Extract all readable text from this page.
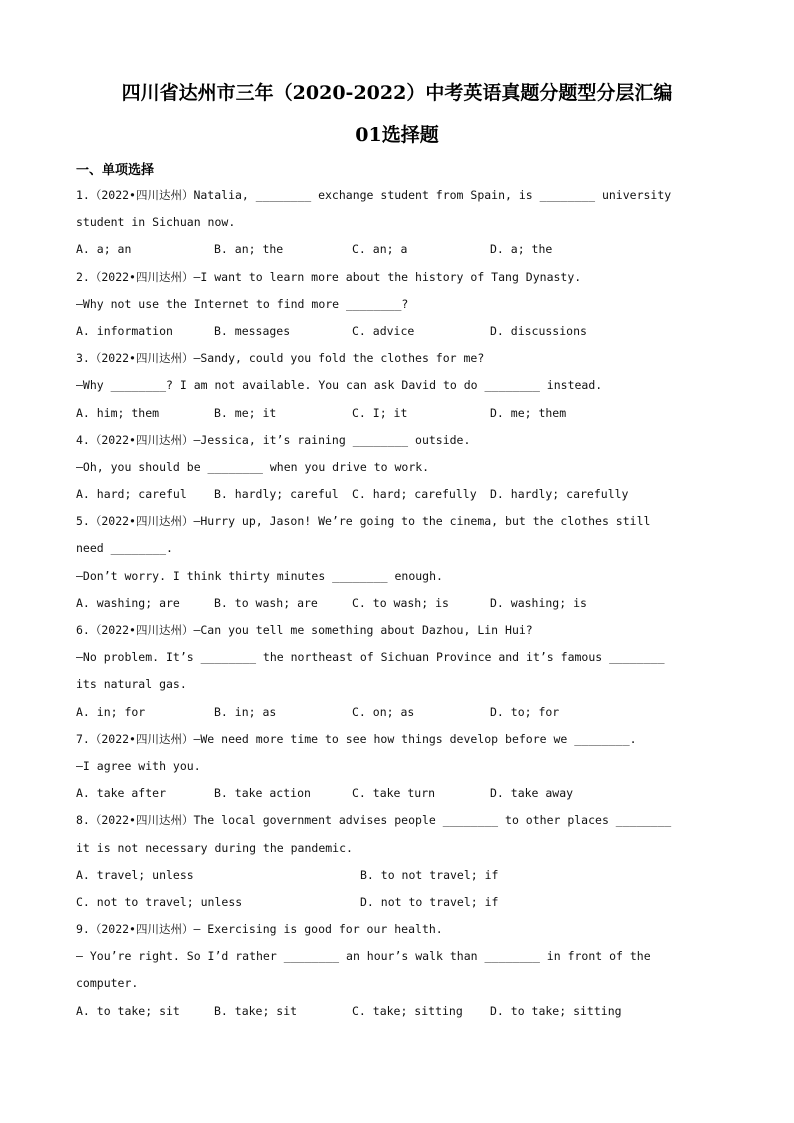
四川省达州市三年（2020-2022）中考英语真题分题型分层汇编
01选择题
一、单项选择
1.（2022•四川达州）Natalia, ________ exchange student from Spain, is ________ university
student in Sichuan now.
A. a; an	B. an; the	C. an; a	D. a; the
2.（2022•四川达州）—I want to learn more about the history of Tang Dynasty.
—Why not use the Internet to find more ________?
A. information	B. messages	C. advice	D. discussions
3.（2022•四川达州）—Sandy, could you fold the clothes for me?
—Why ________? I am not available. You can ask David to do ________ instead.
A. him; them	B. me; it	C. I; it	D. me; them
4.（2022•四川达州）—Jessica, it’s raining ________ outside.
—Oh, you should be ________ when you drive to work.
A. hard; careful B. hardly; careful C. hard; carefully D. hardly; carefully
5.（2022•四川达州）—Hurry up, Jason! We’re going to the cinema, but the clothes still
need ________.
—Don’t worry. I think thirty minutes ________ enough.
A. washing; are	B. to wash; are	C. to wash; is	D. washing; is
6.（2022•四川达州）—Can you tell me something about Dazhou, Lin Hui?
—No problem. It’s ________ the northeast of Sichuan Province and it’s famous ________
its natural gas.
A. in; for	B. in; as	C. on; as	D. to; for
7.（2022•四川达州）—We need more time to see how things develop before we ________.
—I agree with you.
A. take after	B. take action	C. take turn	D. take away
8.（2022•四川达州）The local government advises people ________ to other places ________
it is not necessary during the pandemic.
A. travel; unless	B. to not travel; if
C. not to travel; unless	D. not to travel; if
9.（2022•四川达州）— Exercising is good for our health.
— You’re right. So I’d rather ________ an hour’s walk than ________ in front of the
computer.
A. to take; sit	B. take; sit	C. take; sitting D. to take; sitting
